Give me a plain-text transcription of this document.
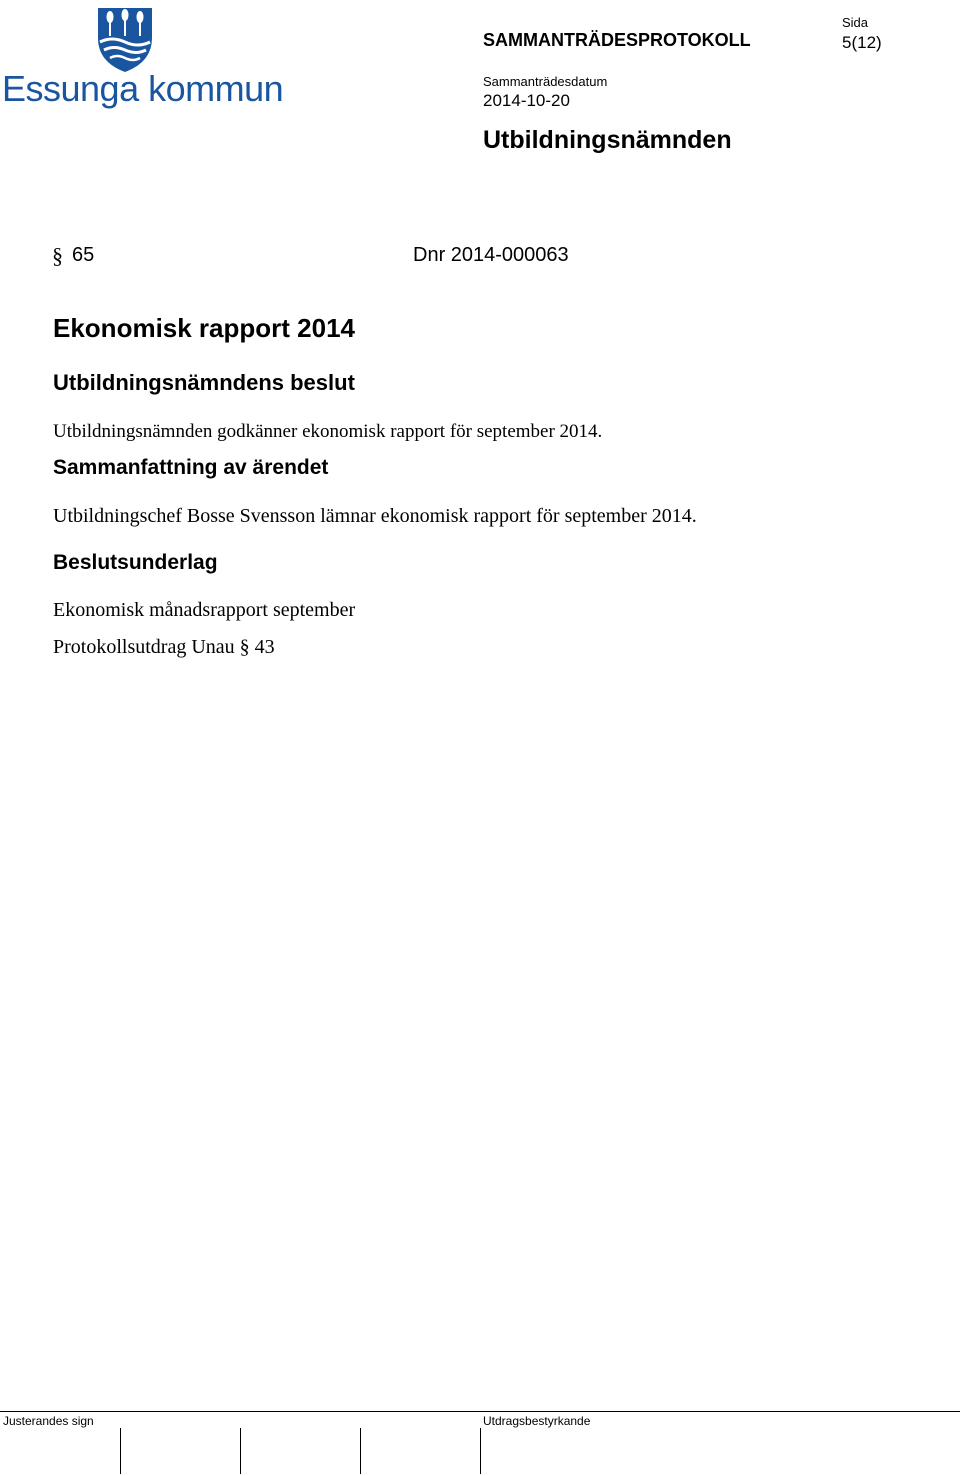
Essunga kommun
SAMMANTRÄDESPROTOKOLL
Sida
5(12)
Sammanträdesdatum
2014-10-20
Utbildningsnämnden
§ 65	Dnr 2014-000063
Ekonomisk rapport 2014
Utbildningsnämndens beslut
Utbildningsnämnden godkänner ekonomisk rapport för september 2014.
Sammanfattning av ärendet
Utbildningschef Bosse Svensson lämnar ekonomisk rapport för september 2014.
Beslutsunderlag
Ekonomisk månadsrapport september
Protokollsutdrag Unau § 43
Justerandes sign	Utdragsbestyrkande
